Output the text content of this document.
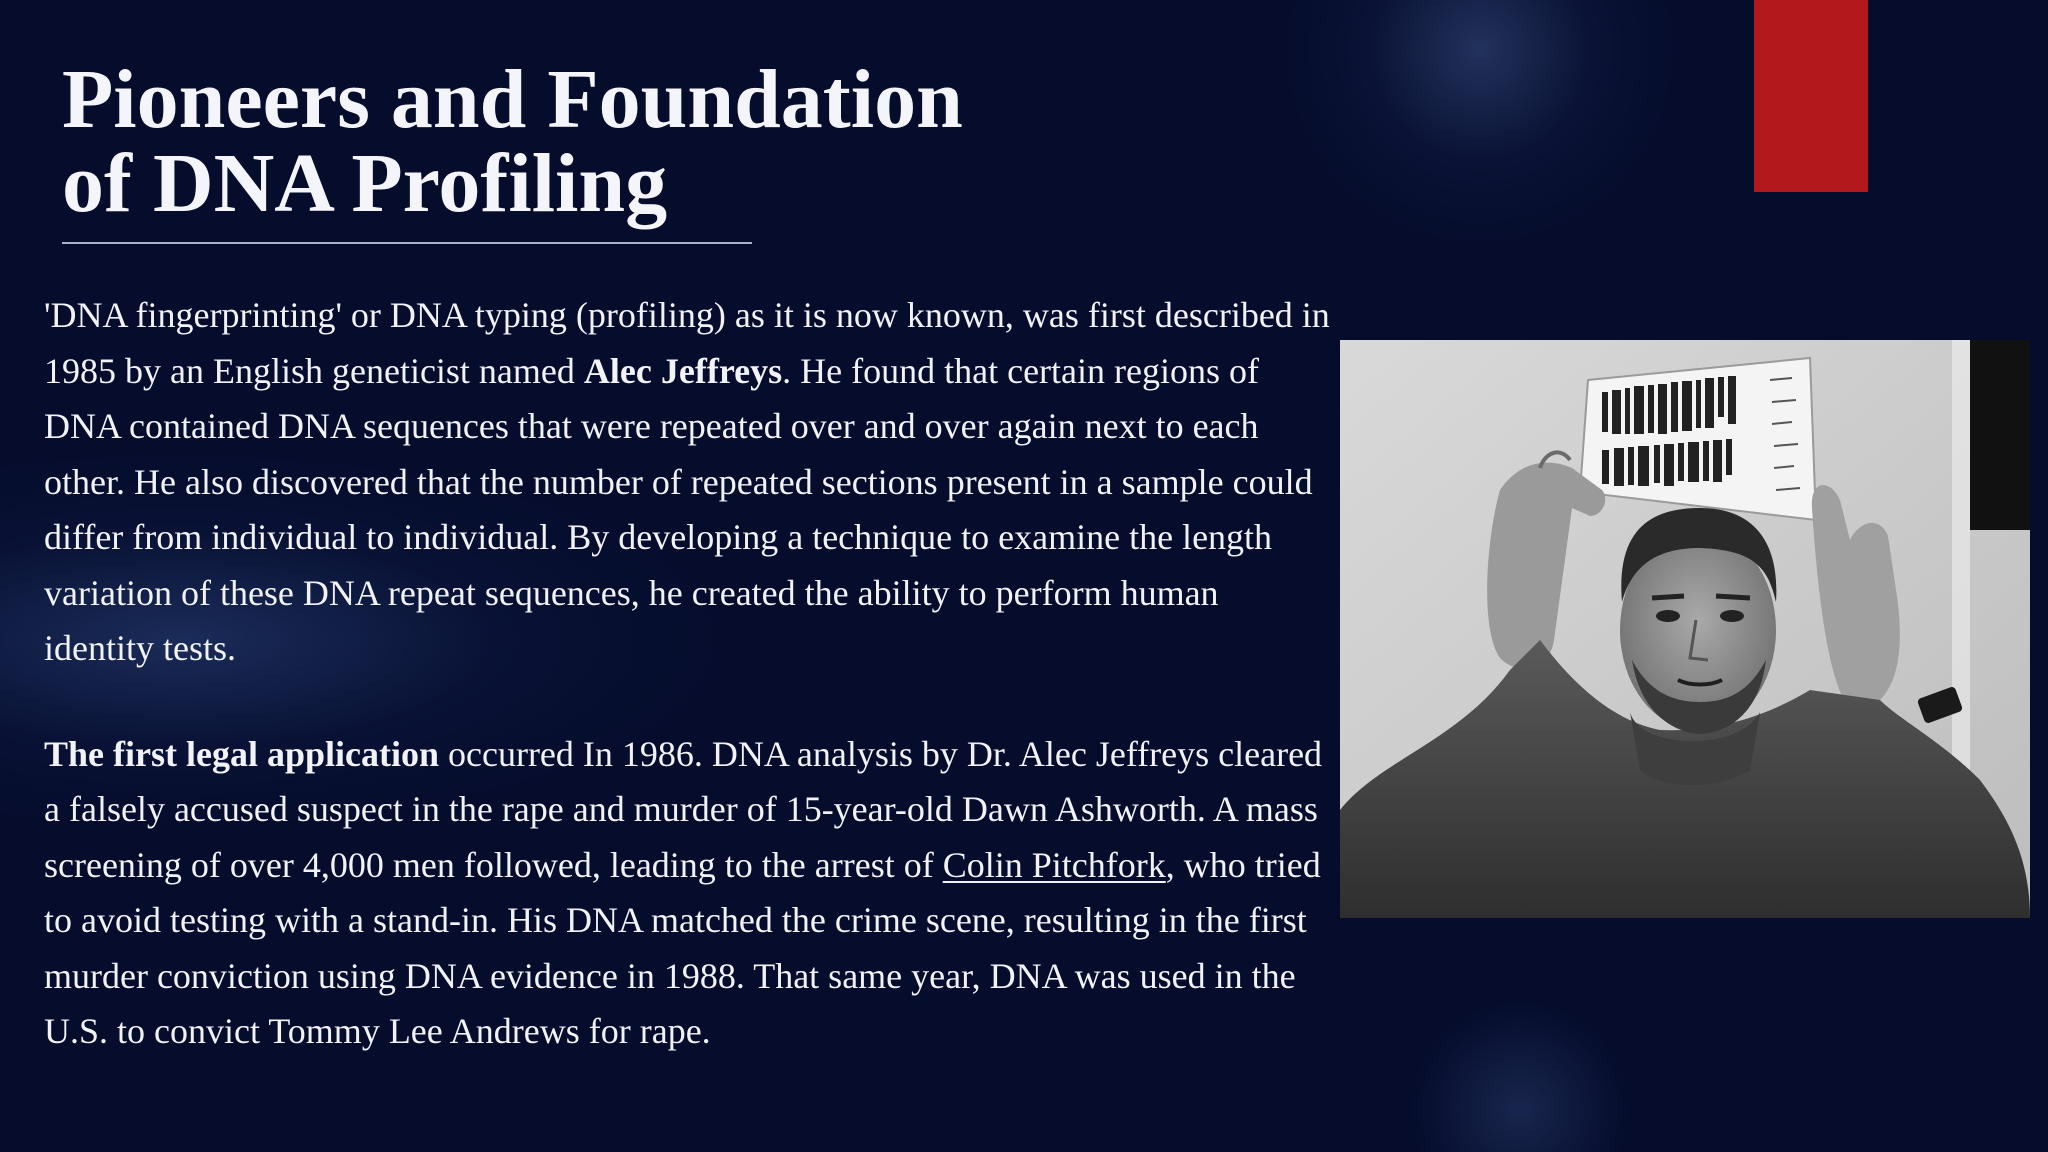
Pioneers and Foundation
of DNA Profiling

'DNA fingerprinting' or DNA typing (profiling) as it is now known, was first described in 1985 by an English geneticist named Alec Jeffreys. He found that certain regions of DNA contained DNA sequences that were repeated over and over again next to each other. He also discovered that the number of repeated sections present in a sample could differ from individual to individual. By developing a technique to examine the length variation of these DNA repeat sequences, he created the ability to perform human identity tests.

The first legal application occurred In 1986. DNA analysis by Dr. Alec Jeffreys cleared a falsely accused suspect in the rape and murder of 15-year-old Dawn Ashworth. A mass screening of over 4,000 men followed, leading to the arrest of Colin Pitchfork, who tried to avoid testing with a stand-in. His DNA matched the crime scene, resulting in the first murder conviction using DNA evidence in 1988. That same year, DNA was used in the U.S. to convict Tommy Lee Andrews for rape.
